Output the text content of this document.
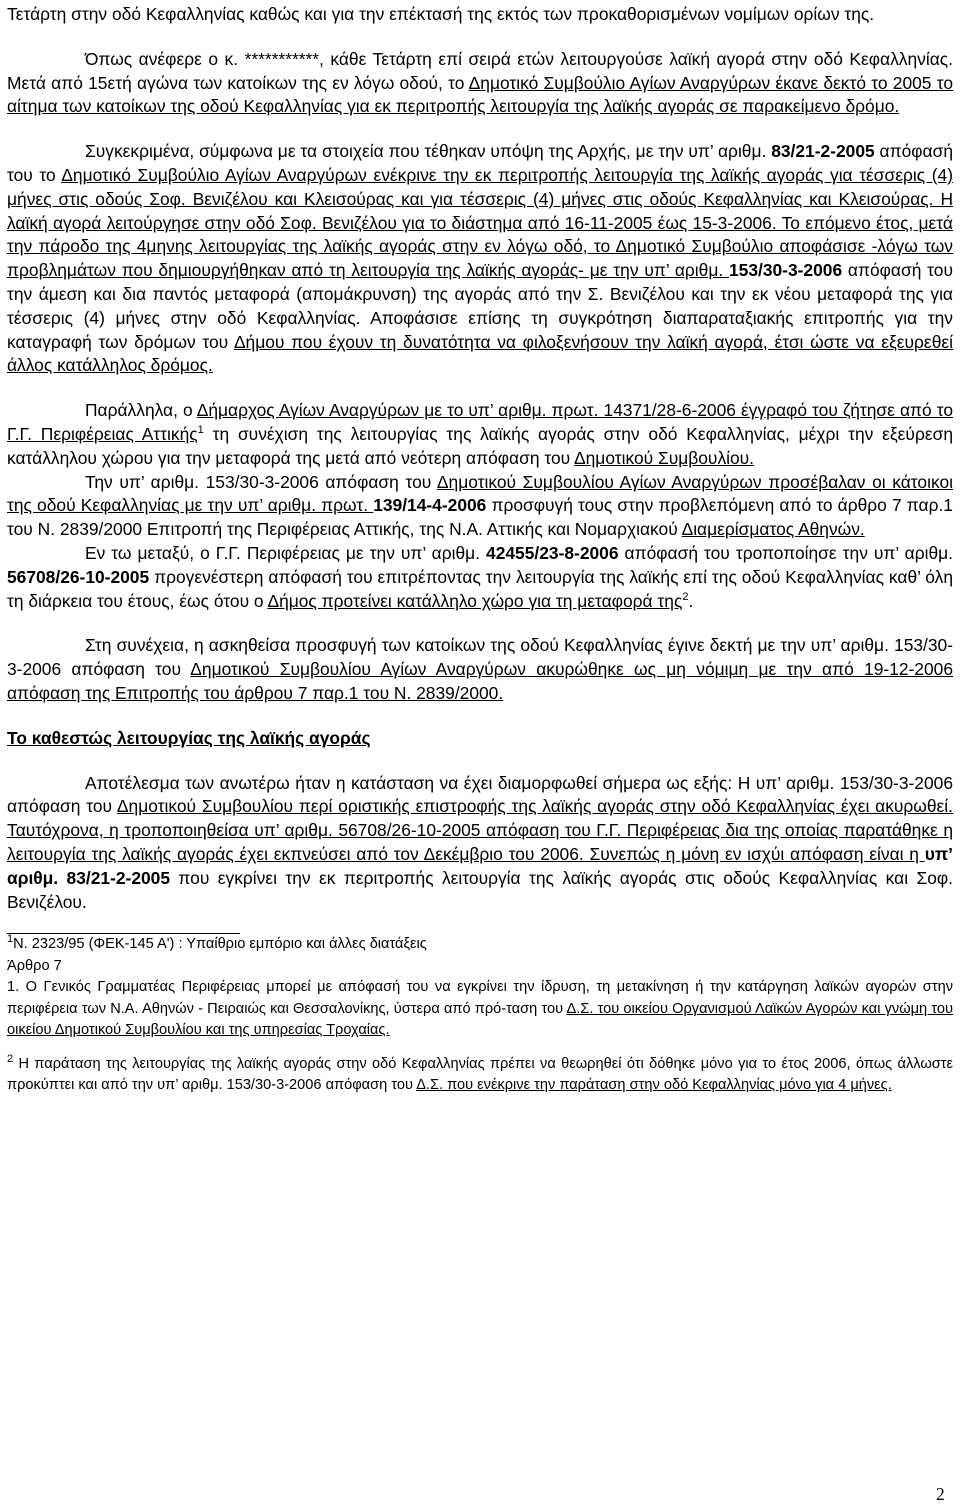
Τετάρτη στην οδό Κεφαλληνίας καθώς και για την επέκτασή της εκτός των προκαθορισμένων νομίμων ορίων της.

Όπως ανέφερε ο κ. ***********, κάθε Τετάρτη επί σειρά ετών λειτουργούσε λαϊκή αγορά στην οδό Κεφαλληνίας. Μετά από 15ετή αγώνα των κατοίκων της εν λόγω οδού, το Δημοτικό Συμβούλιο Αγίων Αναργύρων έκανε δεκτό το 2005 το αίτημα των κατοίκων της οδού Κεφαλληνίας για εκ περιτροπής λειτουργία της λαϊκής αγοράς σε παρακείμενο δρόμο.

Συγκεκριμένα, σύμφωνα με τα στοιχεία που τέθηκαν υπόψη της Αρχής, με την υπ’ αριθμ. 83/21-2-2005 απόφασή του το Δημοτικό Συμβούλιο Αγίων Αναργύρων ενέκρινε την εκ περιτροπής λειτουργία της λαϊκής αγοράς για τέσσερις (4) μήνες στις οδούς Σοφ. Βενιζέλου και Κλεισούρας και για τέσσερις (4) μήνες στις οδούς Κεφαλληνίας και Κλεισούρας. Η λαϊκή αγορά λειτούργησε στην οδό Σοφ. Βενιζέλου για το διάστημα από 16-11-2005 έως 15-3-2006. Το επόμενο έτος, μετά την πάροδο της 4μηνης λειτουργίας της λαϊκής αγοράς στην εν λόγω οδό, το Δημοτικό Συμβούλιο αποφάσισε -λόγω των προβλημάτων που δημιουργήθηκαν από τη λειτουργία της λαϊκής αγοράς- με την υπ’ αριθμ. 153/30-3-2006 απόφασή του την άμεση και δια παντός μεταφορά (απομάκρυνση) της αγοράς από την Σ. Βενιζέλου και την εκ νέου μεταφορά της για τέσσερις (4) μήνες στην οδό Κεφαλληνίας. Αποφάσισε επίσης τη συγκρότηση διαπαραταξιακής επιτροπής για την καταγραφή των δρόμων του Δήμου που έχουν τη δυνατότητα να φιλοξενήσουν την λαϊκή αγορά, έτσι ώστε να εξευρεθεί άλλος κατάλληλος δρόμος.

Παράλληλα, ο Δήμαρχος Αγίων Αναργύρων με το υπ’ αριθμ. πρωτ. 14371/28-6-2006 έγγραφό του ζήτησε από το Γ.Γ. Περιφέρειας Αττικής$^1$ τη συνέχιση της λειτουργίας της λαϊκής αγοράς στην οδό Κεφαλληνίας, μέχρι την εξεύρεση κατάλληλου χώρου για την μεταφορά της μετά από νεότερη απόφαση του Δημοτικού Συμβουλίου.

Την υπ’ αριθμ. 153/30-3-2006 απόφαση του Δημοτικού Συμβουλίου Αγίων Αναργύρων προσέβαλαν οι κάτοικοι της οδού Κεφαλληνίας με την υπ’ αριθμ. πρωτ. 139/14-4-2006 προσφυγή τους στην προβλεπόμενη από το άρθρο 7 παρ.1 του Ν. 2839/2000 Επιτροπή της Περιφέρειας Αττικής, της Ν.Α. Αττικής και Νομαρχιακού Διαμερίσματος Αθηνών.

Εν τω μεταξύ, ο Γ.Γ. Περιφέρειας με την υπ’ αριθμ. 42455/23-8-2006 απόφασή του τροποποίησε την υπ’ αριθμ. 56708/26-10-2005 προγενέστερη απόφασή του επιτρέποντας την λειτουργία της λαϊκής επί της οδού Κεφαλληνίας καθ’ όλη τη διάρκεια του έτους, έως ότου ο Δήμος προτείνει κατάλληλο χώρο για τη μεταφορά της$^2$.

Στη συνέχεια, η ασκηθείσα προσφυγή των κατοίκων της οδού Κεφαλληνίας έγινε δεκτή με την υπ’ αριθμ. 153/30-3-2006 απόφαση του Δημοτικού Συμβουλίου Αγίων Αναργύρων ακυρώθηκε ως μη νόμιμη με την από 19-12-2006 απόφαση της Επιτροπής του άρθρου 7 παρ.1 του Ν. 2839/2000.

Το καθεστώς λειτουργίας της λαϊκής αγοράς

Αποτέλεσμα των ανωτέρω ήταν η κατάσταση να έχει διαμορφωθεί σήμερα ως εξής: Η υπ’ αριθμ. 153/30-3-2006 απόφαση του Δημοτικού Συμβουλίου περί οριστικής επιστροφής της λαϊκής αγοράς στην οδό Κεφαλληνίας έχει ακυρωθεί. Ταυτόχρονα, η τροποποιηθείσα υπ’ αριθμ. 56708/26-10-2005 απόφαση του Γ.Γ. Περιφέρειας δια της οποίας παρατάθηκε η λειτουργία της λαϊκής αγοράς έχει εκπνεύσει από τον Δεκέμβριο του 2006. Συνεπώς η μόνη εν ισχύι απόφαση είναι η υπ’ αριθμ. 83/21-2-2005 που εγκρίνει την εκ περιτροπής λειτουργία της λαϊκής αγοράς στις οδούς Κεφαλληνίας και Σοφ. Βενιζέλου.

$^1$Ν. 2323/95 (ΦΕΚ-145 Α') : Υπαίθριο εμπόριο και άλλες διατάξεις

Άρθρο 7

1. Ο Γενικός Γραμματέας Περιφέρειας μπορεί με απόφασή του να εγκρίνει την ίδρυση, τη μετακίνηση ή την κατάργηση λαϊκών αγορών στην περιφέρεια των Ν.Α. Αθηνών - Πειραιώς και Θεσσαλονίκης, ύστερα από πρό-ταση του Δ.Σ. του οικείου Οργανισμού Λαϊκών Αγορών και γνώμη του οικείου Δημοτικού Συμβουλίου και της υπηρεσίας Τροχαίας.

$^2$ Η παράταση της λειτουργίας της λαϊκής αγοράς στην οδό Κεφαλληνίας πρέπει να θεωρηθεί ότι δόθηκε μόνο για το έτος 2006, όπως άλλωστε προκύπτει και από την υπ’ αριθμ. 153/30-3-2006 απόφαση του Δ.Σ. που ενέκρινε την παράταση στην οδό Κεφαλληνίας μόνο για 4 μήνες.

2
